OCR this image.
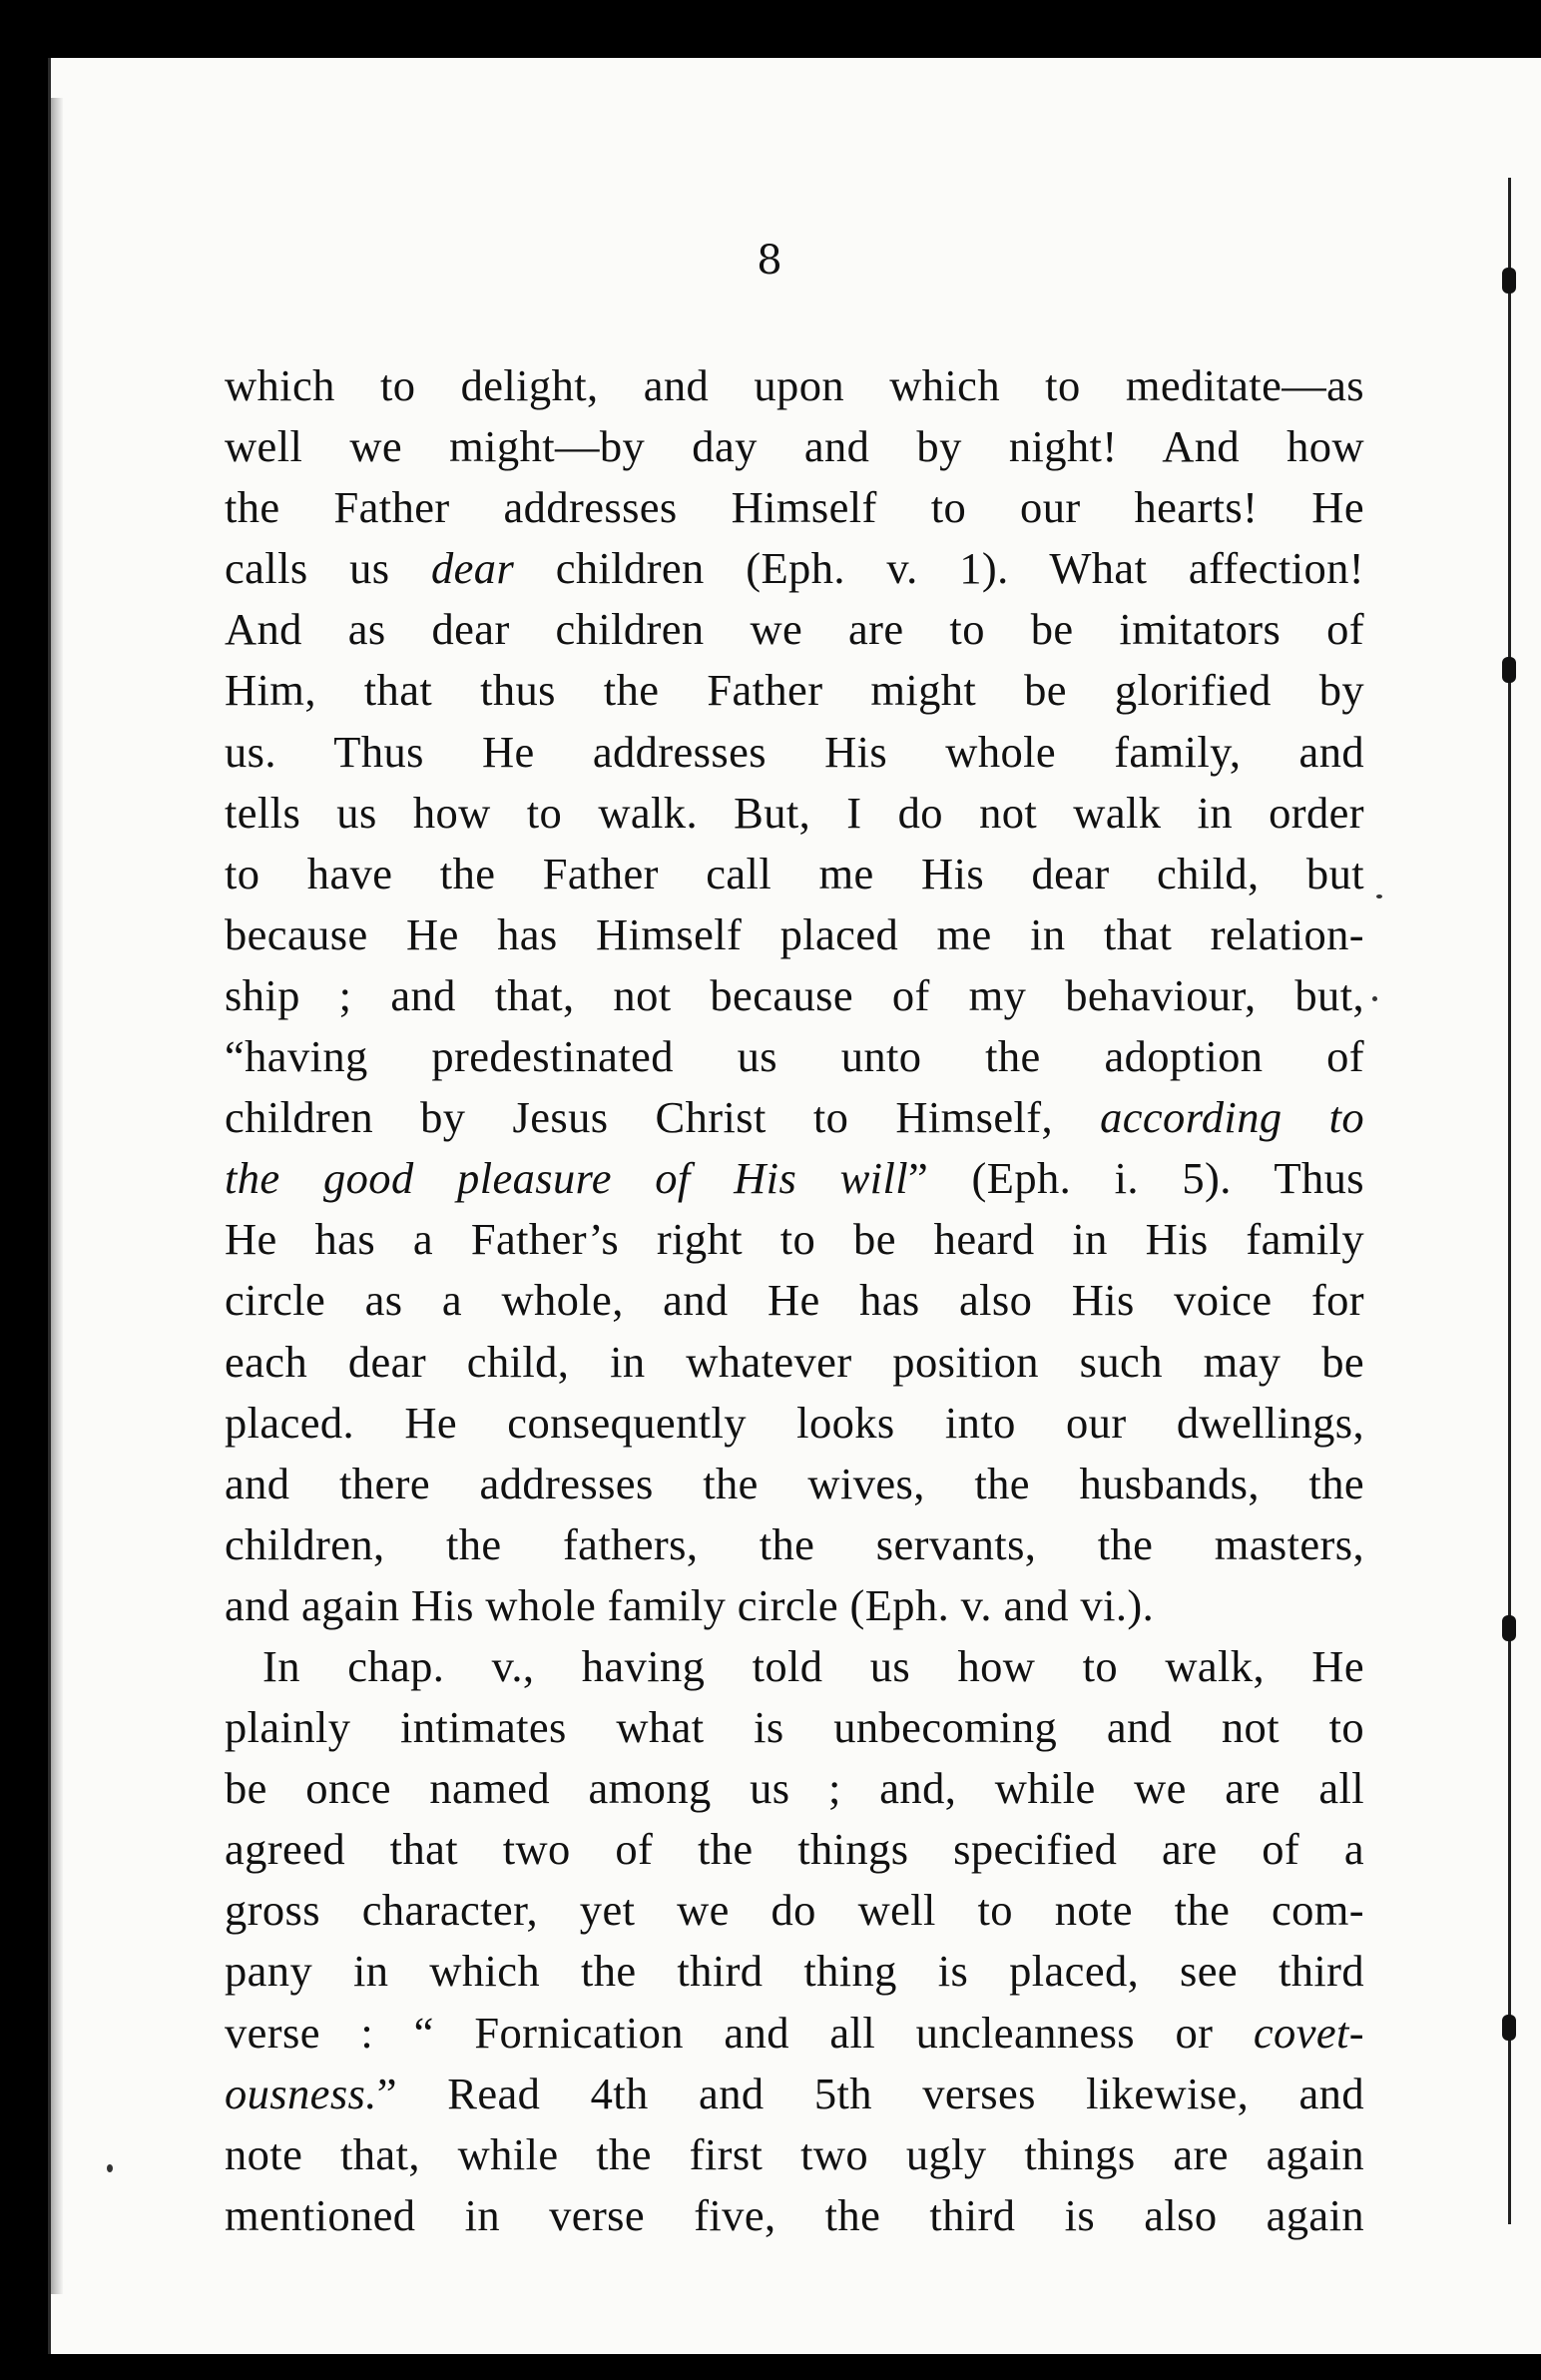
8
which to delight, and upon which to meditate—as
well we might—by day and by night! And how
the Father addresses Himself to our hearts! He
calls us dear children (Eph. v. 1). What affection!
And as dear children we are to be imitators of
Him, that thus the Father might be glorified by
us. Thus He addresses His whole family, and
tells us how to walk. But, I do not walk in order
to have the Father call me His dear child, but
because He has Himself placed me in that relation-
ship ; and that, not because of my behaviour, but,
“having predestinated us unto the adoption of
children by Jesus Christ to Himself, according to
the good pleasure of His will” (Eph. i. 5). Thus
He has a Father’s right to be heard in His family
circle as a whole, and He has also His voice for
each dear child, in whatever position such may be
placed. He consequently looks into our dwellings,
and there addresses the wives, the husbands, the
children, the fathers, the servants, the masters,
and again His whole family circle (Eph. v. and vi.).
In chap. v., having told us how to walk, He
plainly intimates what is unbecoming and not to
be once named among us ; and, while we are all
agreed that two of the things specified are of a
gross character, yet we do well to note the com-
pany in which the third thing is placed, see third
verse : “ Fornication and all uncleanness or covet-
ousness.” Read 4th and 5th verses likewise, and
note that, while the first two ugly things are again
mentioned in verse five, the third is also again
